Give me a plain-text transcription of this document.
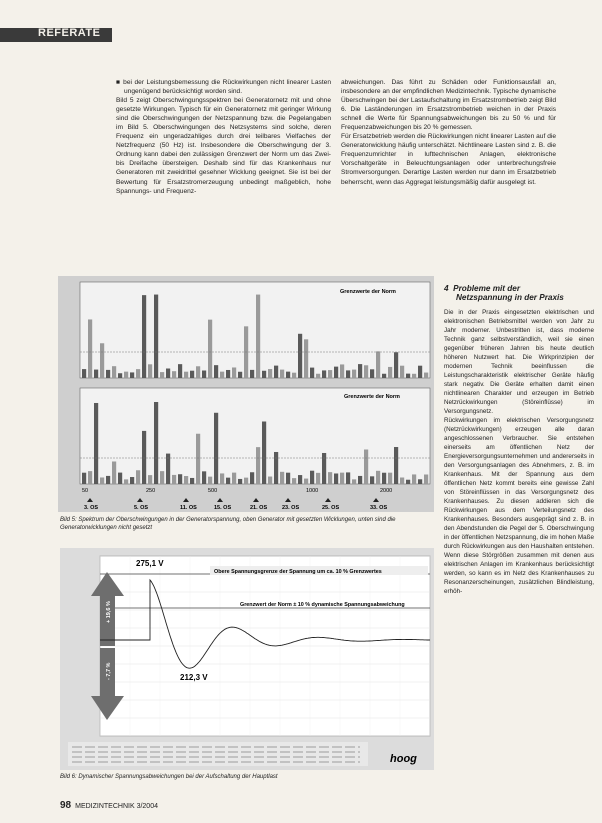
REFERATE

■ bei der Leistungsbemessung die Rückwirkungen nicht linearer Lasten ungenügend berücksichtigt worden sind.

Bild 5 zeigt Oberschwingungsspektren bei Generatornetz mit und ohne gesetzte Wirkungen. Typisch für ein Generatornetz mit geringer Wirkung sind die Oberschwingungen der Netzspannung bzw. die Pegelangaben im Bild 5. Oberschwingungen des Netzsystems sind solche, deren Frequenz ein ungeradzahliges durch drei teilbares Vielfaches der Netzfrequenz (50 Hz) ist. Insbesondere die Oberschwingung der 3. Ordnung kann dabei den zulässigen Grenzwert der Norm um das Zwei- bis Dreifache übersteigen. Deshalb sind für das Krankenhaus nur Generatoren mit zweidrittel gesehner Wicklung geeignet. Sie ist bei der Bewertung für Ersatzstromerzeugung unbedingt maßgeblich, hohe Spannungs- und Frequenz-

abweichungen. Das führt zu Schäden oder Funktionsausfall an, insbesondere an der empfindlichen Medizintechnik. Typische dynamische Überschwingen bei der Lastaufschaltung im Ersatzstrombetrieb zeigt Bild 6. Die Laständerungen im Ersatzstrombetrieb weichen in der Praxis schnell die Werte für Spannungsabweichungen bis zu 50 % und für Frequenzabweichungen bis 20 % gemessen.

Für Ersatzbetrieb werden die Rückwirkungen nicht linearer Lasten auf die Generatorwicklung häufig unterschätzt. Nichtlineare Lasten sind z. B. die Frequenzumrichter in lufttechnischen Anlagen, elektronische Vorschaltgeräte in Beleuchtungsanlagen oder unterbrechungsfreie Stromversorgungen. Derartige Lasten werden nur dann im Ersatzbetrieb beherrscht, wenn das Aggregat leistungsmäßig dafür ausgelegt ist.

Grenzwerte der Norm
Grenzwerte der Norm
50	250	500	1000	2000
3. OS	5. OS	11. OS	15. OS	21. OS	23. OS	25. OS	33. OS
Bild 5: Spektrum der Oberschwingungen in der Generatorspannung, oben Generator mit gesetzten Wicklungen, unten sind die Generatorwicklungen nicht gesetzt
Obere Spannungsgrenze der Spannung um ca. 10 % Grenzwertes
Grenzwert der Norm ± 10 % dynamische Spannungsabweichung
+ 19,6 %
- 7,7 %
275,1 V
212,3 V
hoog
Bild 6: Dynamischer Spannungsabweichungen bei der Aufschaltung der Hauptlast
4 Probleme mit der
Netzspannung in der Praxis

Die in der Praxis eingesetzten elektrischen und elektronischen Betriebsmittel werden von Jahr zu Jahr moderner. Unbestritten ist, dass moderne Technik ganz selbstverständlich, weil sie einen gegenüber früheren Jahren bis heute deutlich höheren Nutzwert hat. Die Wirkprinzipien der modernen Technik beeinflussen die Leistungscharakteristik elektrischer Geräte häufig stark negativ. Die Geräte erhalten damit einen nichtlinearen Charakter und erzeugen im Betrieb Netzrückwirkungen (Störeinflüsse) im Versorgungsnetz.

Rückwirkungen im elektrischen Versorgungsnetz (Netzrückwirkungen) erzeugen alle daran angeschlossenen Verbraucher. Sie entstehen einerseits am öffentlichen Netz der Energieversorgungsunternehmen und andererseits in den Versorgungsanlagen des Abnehmers, z. B. im Krankenhaus. Mit der Spannung aus dem öffentlichen Netz kommt bereits eine gewisse Zahl von Störeinflüssen in das Versorgungsnetz des Krankenhauses. Zu diesen addieren sich die Rückwirkungen aus dem Verteilungsnetz des Krankenhauses. Besonders ausgeprägt sind z. B. in den Abendstunden die Pegel der 5. Oberschwingung in der öffentlichen Netzspannung, die im hohen Maße durch Rückwirkungen aus den Haushalten entstehen. Wenn diese Störgrößen zusammen mit denen aus elektrischen Anlagen im Krankenhaus berücksichtigt werden, so kann es im Netz des Krankenhauses zu Resonanzerscheinungen, zusätzlichen Blindleistung, erhöh-

98 MEDIZINTECHNIK 3/2004
